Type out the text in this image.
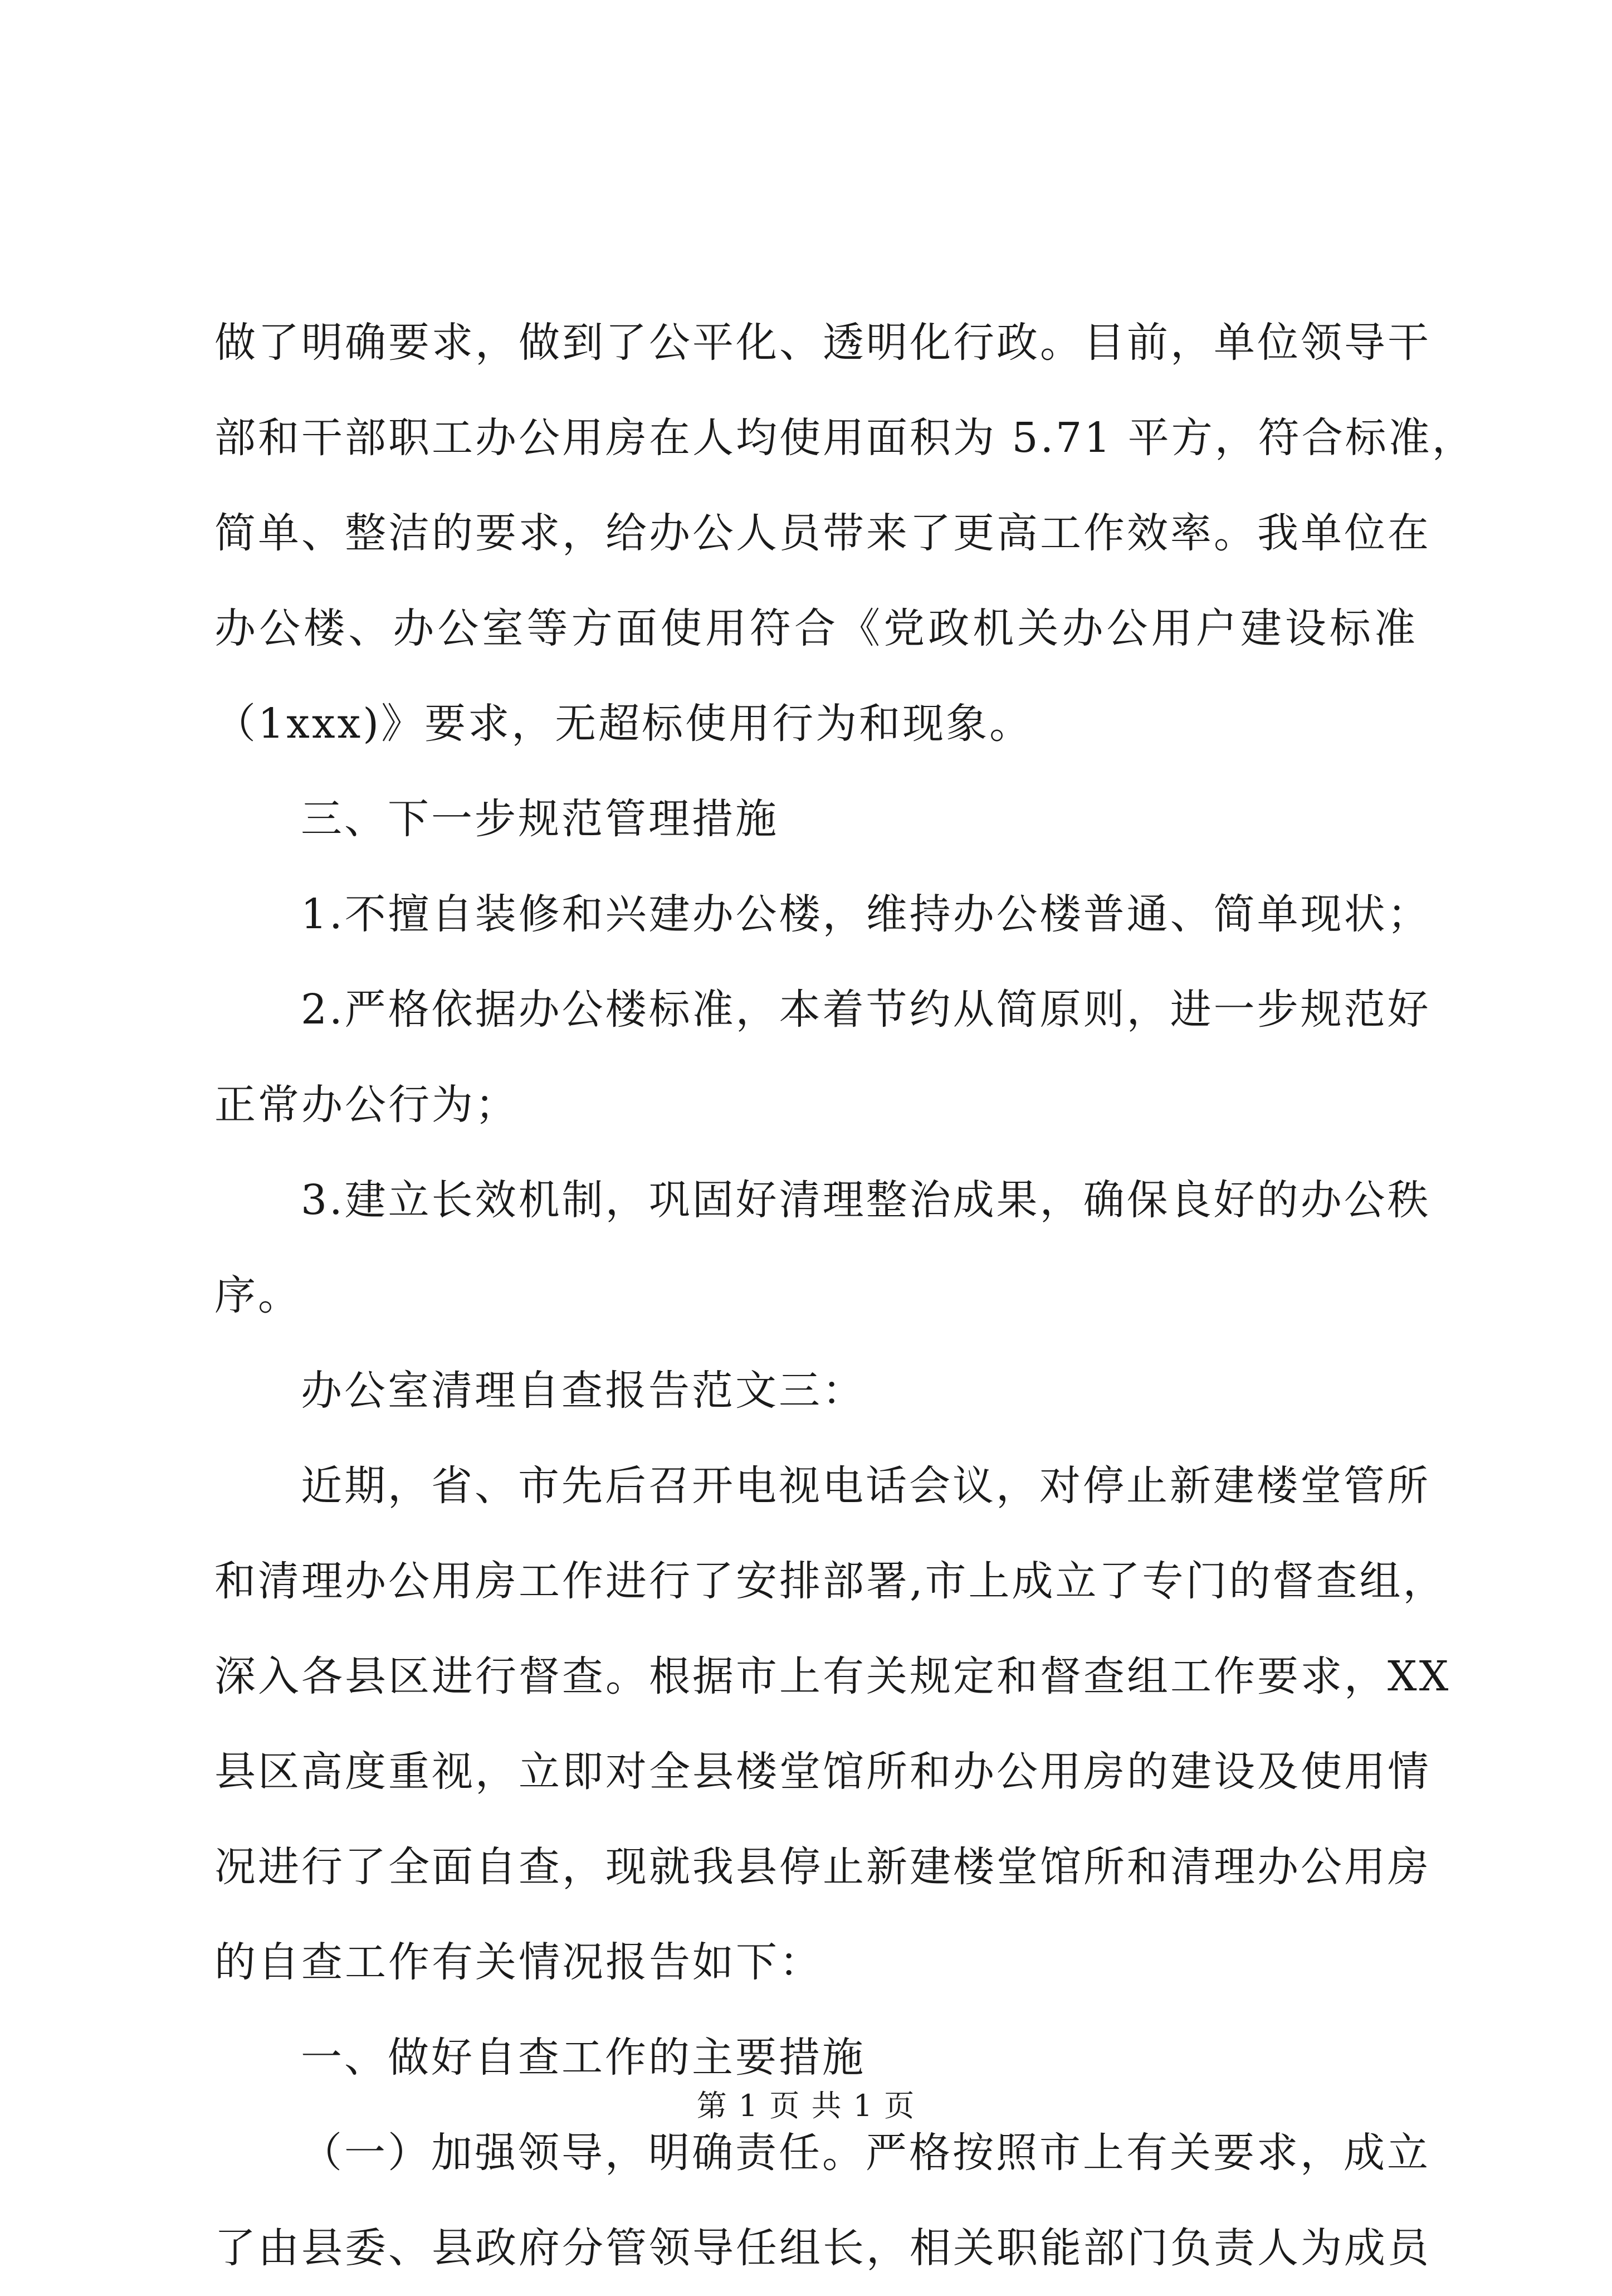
做了明确要求，做到了公平化、透明化行政。目前，单位领导干
部和干部职工办公用房在人均使用面积为 5.71 平方，符合标准，
简单、整洁的要求，给办公人员带来了更高工作效率。我单位在
办公楼、办公室等方面使用符合《党政机关办公用户建设标准
（1xxx)》要求，无超标使用行为和现象。
三、下一步规范管理措施
1.不擅自装修和兴建办公楼，维持办公楼普通、简单现状；
2.严格依据办公楼标准，本着节约从简原则，进一步规范好
正常办公行为；
3.建立长效机制，巩固好清理整治成果，确保良好的办公秩
序。
办公室清理自查报告范文三：
近期，省、市先后召开电视电话会议，对停止新建楼堂管所
和清理办公用房工作进行了安排部署,市上成立了专门的督查组，
深入各县区进行督查。根据市上有关规定和督查组工作要求，XX
县区高度重视，立即对全县楼堂馆所和办公用房的建设及使用情
况进行了全面自查，现就我县停止新建楼堂馆所和清理办公用房
的自查工作有关情况报告如下：
一、做好自查工作的主要措施
（一）加强领导，明确责任。严格按照市上有关要求，成立
了由县委、县政府分管领导任组长，相关职能部门负责人为成员
第 1 页 共 1 页
